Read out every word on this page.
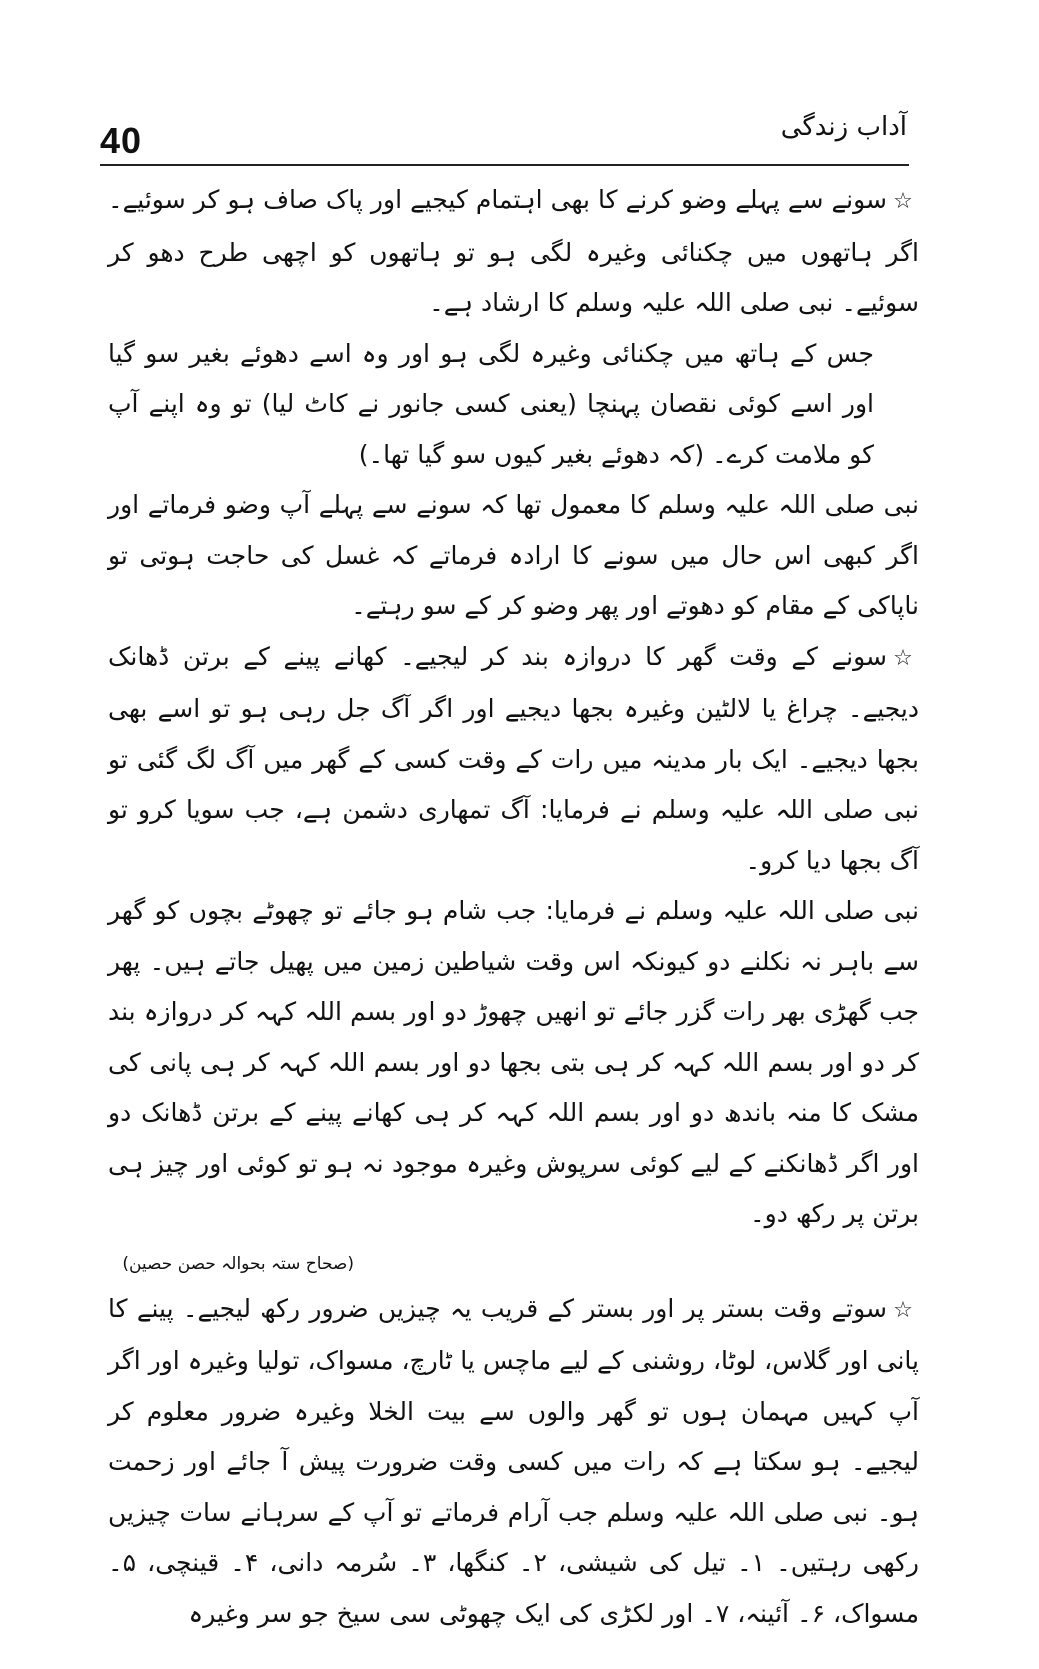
40	آداب زندگی

☆سونے سے پہلے وضو کرنے کا بھی اہتمام کیجیے اور پاک صاف ہو کر سوئیے۔ اگر ہاتھوں میں چکنائی وغیرہ لگی ہو تو ہاتھوں کو اچھی طرح دھو کر سوئیے۔ نبی صلی اللہ علیہ وسلم کا ارشاد ہے۔

جس کے ہاتھ میں چکنائی وغیرہ لگی ہو اور وہ اسے دھوئے بغیر سو گیا اور اسے کوئی نقصان پہنچا (یعنی کسی جانور نے کاٹ لیا) تو وہ اپنے آپ کو ملامت کرے۔ (کہ دھوئے بغیر کیوں سو گیا تھا۔)

نبی صلی اللہ علیہ وسلم کا معمول تھا کہ سونے سے پہلے آپ وضو فرماتے اور اگر کبھی اس حال میں سونے کا ارادہ فرماتے کہ غسل کی حاجت ہوتی تو ناپاکی کے مقام کو دھوتے اور پھر وضو کر کے سو رہتے۔

☆سونے کے وقت گھر کا دروازہ بند کر لیجیے۔ کھانے پینے کے برتن ڈھانک دیجیے۔ چراغ یا لالٹین وغیرہ بجھا دیجیے اور اگر آگ جل رہی ہو تو اسے بھی بجھا دیجیے۔ ایک بار مدینہ میں رات کے وقت کسی کے گھر میں آگ لگ گئی تو نبی صلی اللہ علیہ وسلم نے فرمایا: آگ تمھاری دشمن ہے، جب سویا کرو تو آگ بجھا دیا کرو۔

نبی صلی اللہ علیہ وسلم نے فرمایا: جب شام ہو جائے تو چھوٹے بچوں کو گھر سے باہر نہ نکلنے دو کیونکہ اس وقت شیاطین زمین میں پھیل جاتے ہیں۔ پھر جب گھڑی بھر رات گزر جائے تو انھیں چھوڑ دو اور بسم اللہ کہہ کر دروازہ بند کر دو اور بسم اللہ کہہ کر ہی بتی بجھا دو اور بسم اللہ کہہ کر ہی پانی کی مشک کا منہ باندھ دو اور بسم اللہ کہہ کر ہی کھانے پینے کے برتن ڈھانک دو اور اگر ڈھانکنے کے لیے کوئی سرپوش وغیرہ موجود نہ ہو تو کوئی اور چیز ہی برتن پر رکھ دو۔

(صحاح ستہ بحوالہ حصن حصین)

☆سوتے وقت بستر پر اور بستر کے قریب یہ چیزیں ضرور رکھ لیجیے۔ پینے کا پانی اور گلاس، لوٹا، روشنی کے لیے ماچس یا ٹارچ، مسواک، تولیا وغیرہ اور اگر آپ کہیں مہمان ہوں تو گھر والوں سے بیت الخلا وغیرہ ضرور معلوم کر لیجیے۔ ہو سکتا ہے کہ رات میں کسی وقت ضرورت پیش آ جائے اور زحمت ہو۔ نبی صلی اللہ علیہ وسلم جب آرام فرماتے تو آپ کے سرہانے سات چیزیں رکھی رہتیں۔ ۱۔ تیل کی شیشی، ۲۔ کنگھا، ۳۔ سُرمہ دانی، ۴۔ قینچی، ۵۔ مسواک، ۶۔ آئینہ، ۷۔ اور لکڑی کی ایک چھوٹی سی سیخ جو سر وغیرہ
